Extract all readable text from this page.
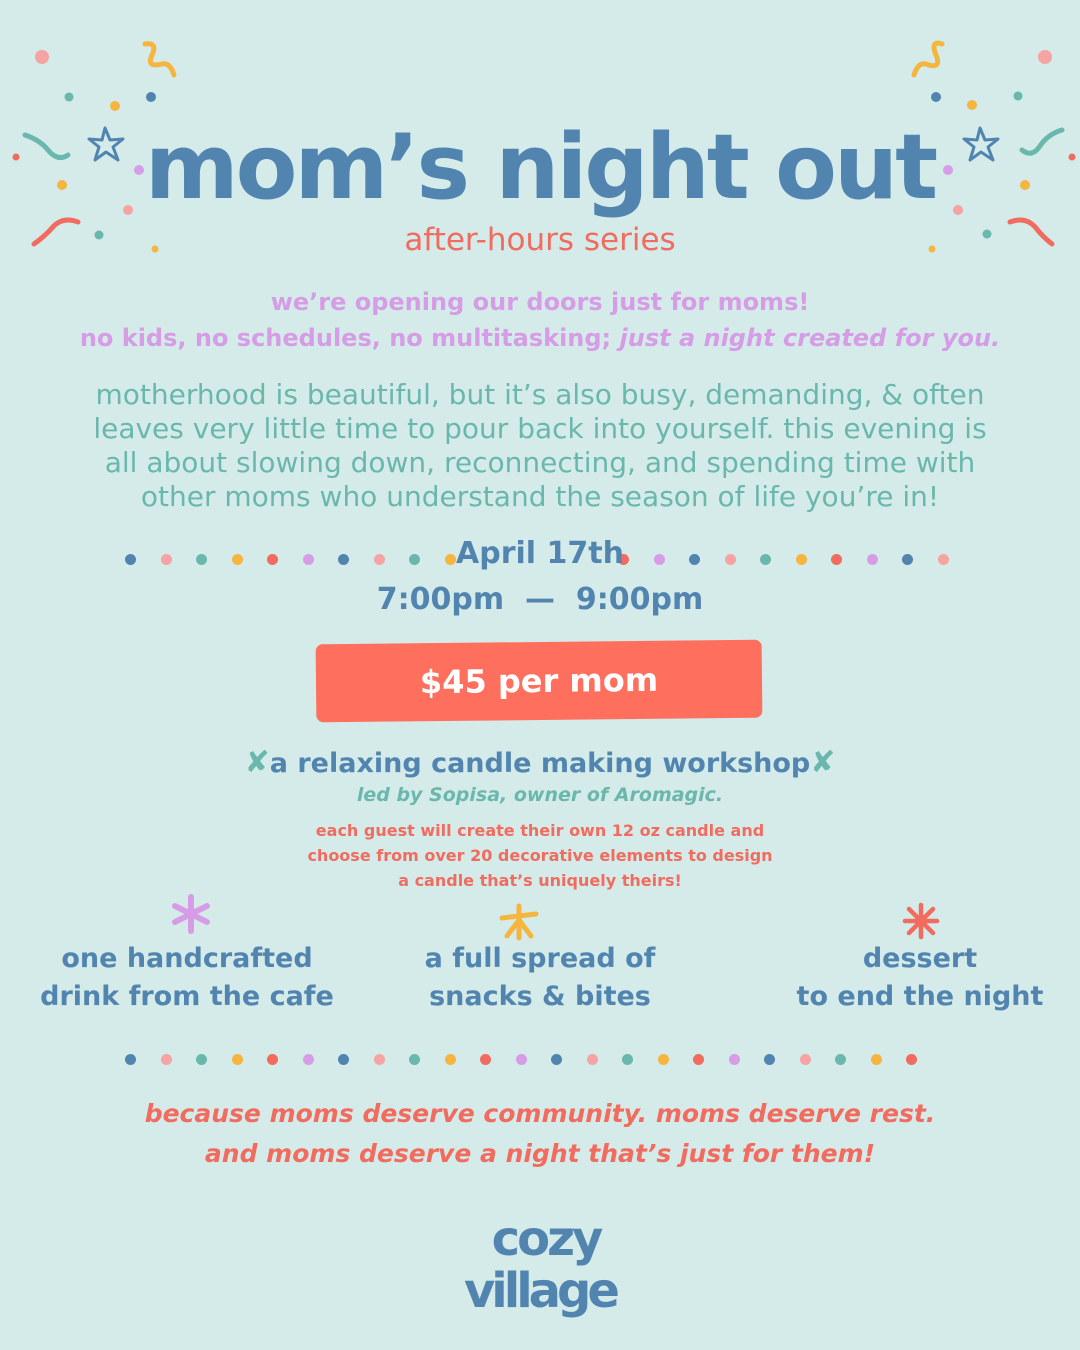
mom’s night out
after-hours series
we’re opening our doors just for moms!
no kids, no schedules, no multitasking; just a night created for you.
motherhood is beautiful, but it’s also busy, demanding, & often
leaves very little time to pour back into yourself. this evening is
all about slowing down, reconnecting, and spending time with
other moms who understand the season of life you’re in!
April 17th
7:00pm  —  9:00pm
$45 per mom
✘a relaxing candle making workshop✘
led by Sopisa, owner of Aromagic.
each guest will create their own 12 oz candle and
choose from over 20 decorative elements to design
a candle that’s uniquely theirs!
one handcrafted
drink from the cafe
a full spread of
snacks & bites
dessert
to end the night
because moms deserve community. moms deserve rest.
and moms deserve a night that’s just for them!
cozy
village
